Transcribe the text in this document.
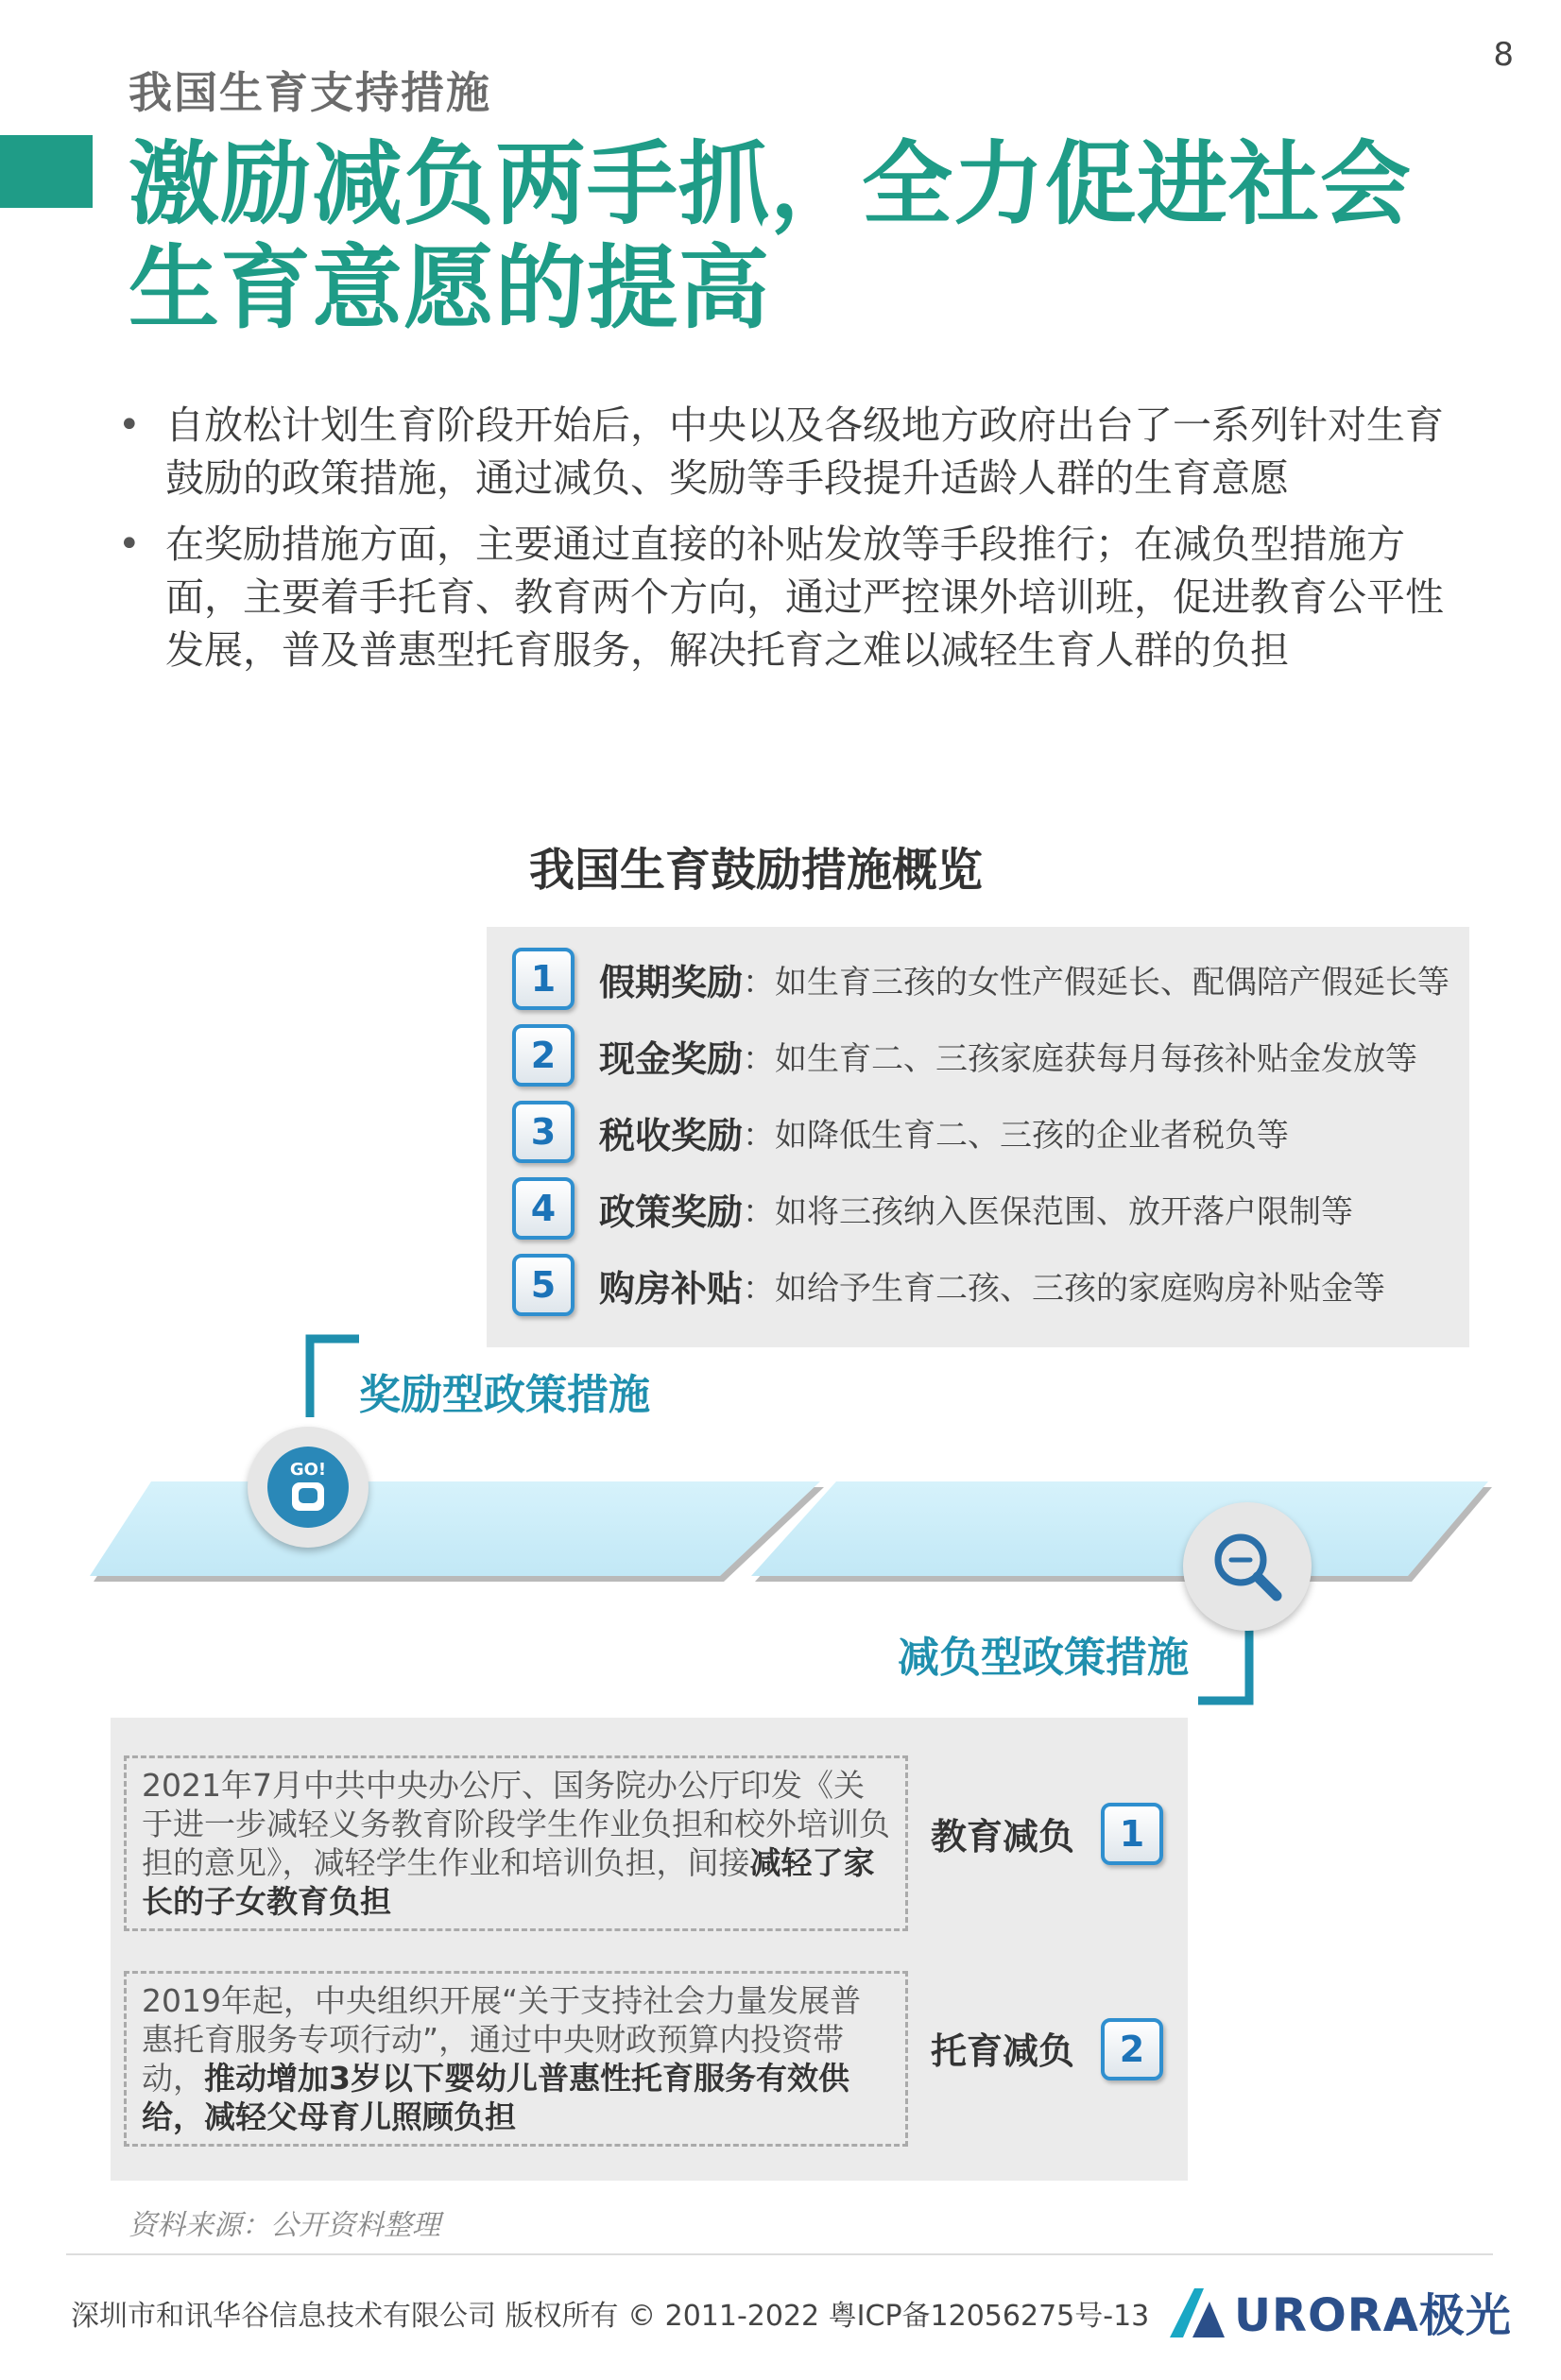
8
我国生育支持措施
激励减负两手抓，全力促进社会生育意愿的提高
• 自放松计划生育阶段开始后，中央以及各级地方政府出台了一系列针对生育鼓励的政策措施，通过减负、奖励等手段提升适龄人群的生育意愿
• 在奖励措施方面，主要通过直接的补贴发放等手段推行；在减负型措施方面，主要着手托育、教育两个方向，通过严控课外培训班，促进教育公平性发展，普及普惠型托育服务，解决托育之难以减轻生育人群的负担
我国生育鼓励措施概览
1	假期奖励 ：如生育三孩的女性产假延长、配偶陪产假延长等
2	现金奖励 ：如生育二、三孩家庭获每月每孩补贴金发放等
3	税收奖励 ：如降低生育二、三孩的企业者税负等
4	政策奖励 ：如将三孩纳入医保范围、放开落户限制等
5	购房补贴 ：如给予生育二孩、三孩的家庭购房补贴金等
奖励型政策措施
GO!
减负型政策措施
2021年7月中共中央办公厅、国务院办公厅印发《关于进一步减轻义务教育阶段学生作业负担和校外培训负担的意见》，减轻学生作业和培训负担，间接减轻了家长的子女教育负担
教育减负	1
2019年起，中央组织开展“关于支持社会力量发展普惠托育服务专项行动”，通过中央财政预算内投资带动，推动增加3岁以下婴幼儿普惠性托育服务有效供给，减轻父母育儿照顾负担
托育减负	2
资料来源：公开资料整理
深圳市和讯华谷信息技术有限公司 版权所有 © 2011-2022 粤ICP备12056275号-13 URORA极光
